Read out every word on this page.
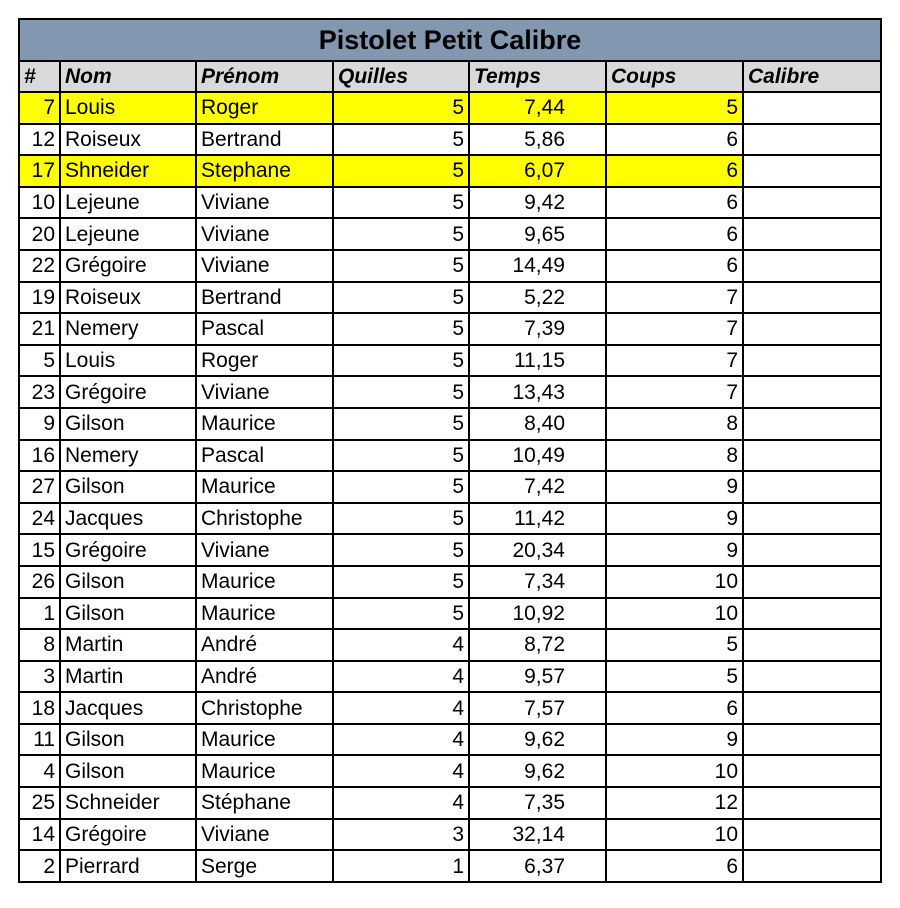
Pistolet Petit Calibre						
#	Nom	Prénom	Quilles	Temps	Coups	Calibre
7	Louis	Roger	5	7,44	5	
12	Roiseux	Bertrand	5	5,86	6	
17	Shneider	Stephane	5	6,07	6	
10	Lejeune	Viviane	5	9,42	6	
20	Lejeune	Viviane	5	9,65	6	
22	Grégoire	Viviane	5	14,49	6	
19	Roiseux	Bertrand	5	5,22	7	
21	Nemery	Pascal	5	7,39	7	
5	Louis	Roger	5	11,15	7	
23	Grégoire	Viviane	5	13,43	7	
9	Gilson	Maurice	5	8,40	8	
16	Nemery	Pascal	5	10,49	8	
27	Gilson	Maurice	5	7,42	9	
24	Jacques	Christophe	5	11,42	9	
15	Grégoire	Viviane	5	20,34	9	
26	Gilson	Maurice	5	7,34	10	
1	Gilson	Maurice	5	10,92	10	
8	Martin	André	4	8,72	5	
3	Martin	André	4	9,57	5	
18	Jacques	Christophe	4	7,57	6	
11	Gilson	Maurice	4	9,62	9	
4	Gilson	Maurice	4	9,62	10	
25	Schneider	Stéphane	4	7,35	12	
14	Grégoire	Viviane	3	32,14	10	
2	Pierrard	Serge	1	6,37	6	
